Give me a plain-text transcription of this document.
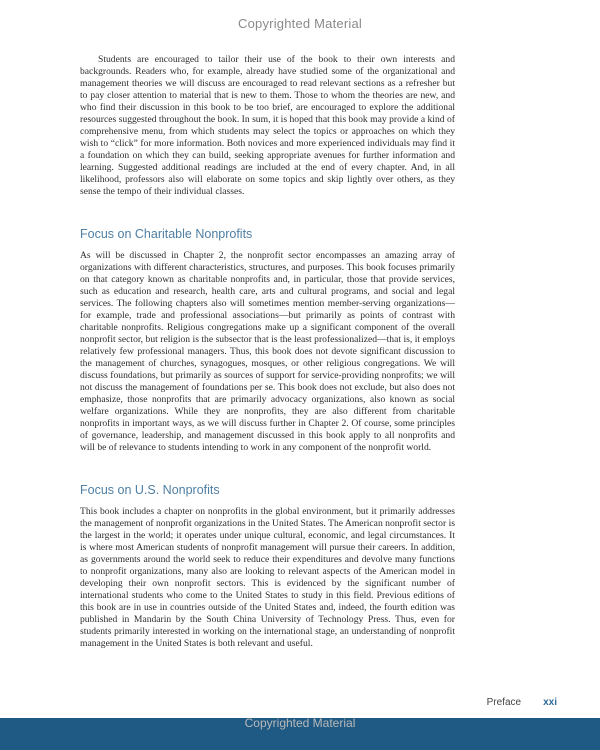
Copyrighted Material

Students are encouraged to tailor their use of the book to their own interests and backgrounds. Readers who, for example, already have studied some of the organizational and management theories we will discuss are encouraged to read relevant sections as a refresher but to pay closer attention to material that is new to them. Those to whom the theories are new, and who find their discussion in this book to be too brief, are encouraged to explore the additional resources suggested throughout the book. In sum, it is hoped that this book may provide a kind of comprehensive menu, from which students may select the topics or approaches on which they wish to “click” for more information. Both novices and more experienced individuals may find it a foundation on which they can build, seeking appropriate avenues for further information and learning. Suggested additional readings are included at the end of every chapter. And, in all likelihood, professors also will elaborate on some topics and skip lightly over others, as they sense the tempo of their individual classes.

Focus on Charitable Nonprofits

As will be discussed in Chapter 2, the nonprofit sector encompasses an amazing array of organizations with different characteristics, structures, and purposes. This book focuses primarily on that category known as charitable nonprofits and, in particular, those that provide services, such as education and research, health care, arts and cultural programs, and social and legal services. The following chapters also will sometimes mention member-serving organizations—for example, trade and professional associations—but primarily as points of contrast with charitable nonprofits. Religious congregations make up a significant component of the overall nonprofit sector, but religion is the subsector that is the least professionalized—that is, it employs relatively few professional managers. Thus, this book does not devote significant discussion to the management of churches, synagogues, mosques, or other religious congregations. We will discuss foundations, but primarily as sources of support for service-providing nonprofits; we will not discuss the management of foundations per se. This book does not exclude, but also does not emphasize, those nonprofits that are primarily advocacy organizations, also known as social welfare organizations. While they are nonprofits, they are also different from charitable nonprofits in important ways, as we will discuss further in Chapter 2. Of course, some principles of governance, leadership, and management discussed in this book apply to all nonprofits and will be of relevance to students intending to work in any component of the nonprofit world.

Focus on U.S. Nonprofits

This book includes a chapter on nonprofits in the global environment, but it primarily addresses the management of nonprofit organizations in the United States. The American nonprofit sector is the largest in the world; it operates under unique cultural, economic, and legal circumstances. It is where most American students of nonprofit management will pursue their careers. In addition, as governments around the world seek to reduce their expenditures and devolve many functions to nonprofit organizations, many also are looking to relevant aspects of the American model in developing their own nonprofit sectors. This is evidenced by the significant number of international students who come to the United States to study in this field. Previous editions of this book are in use in countries outside of the United States and, indeed, the fourth edition was published in Mandarin by the South China University of Technology Press. Thus, even for students primarily interested in working on the international stage, an understanding of nonprofit management in the United States is both relevant and useful.

Preface xxi
Copyrighted Material
